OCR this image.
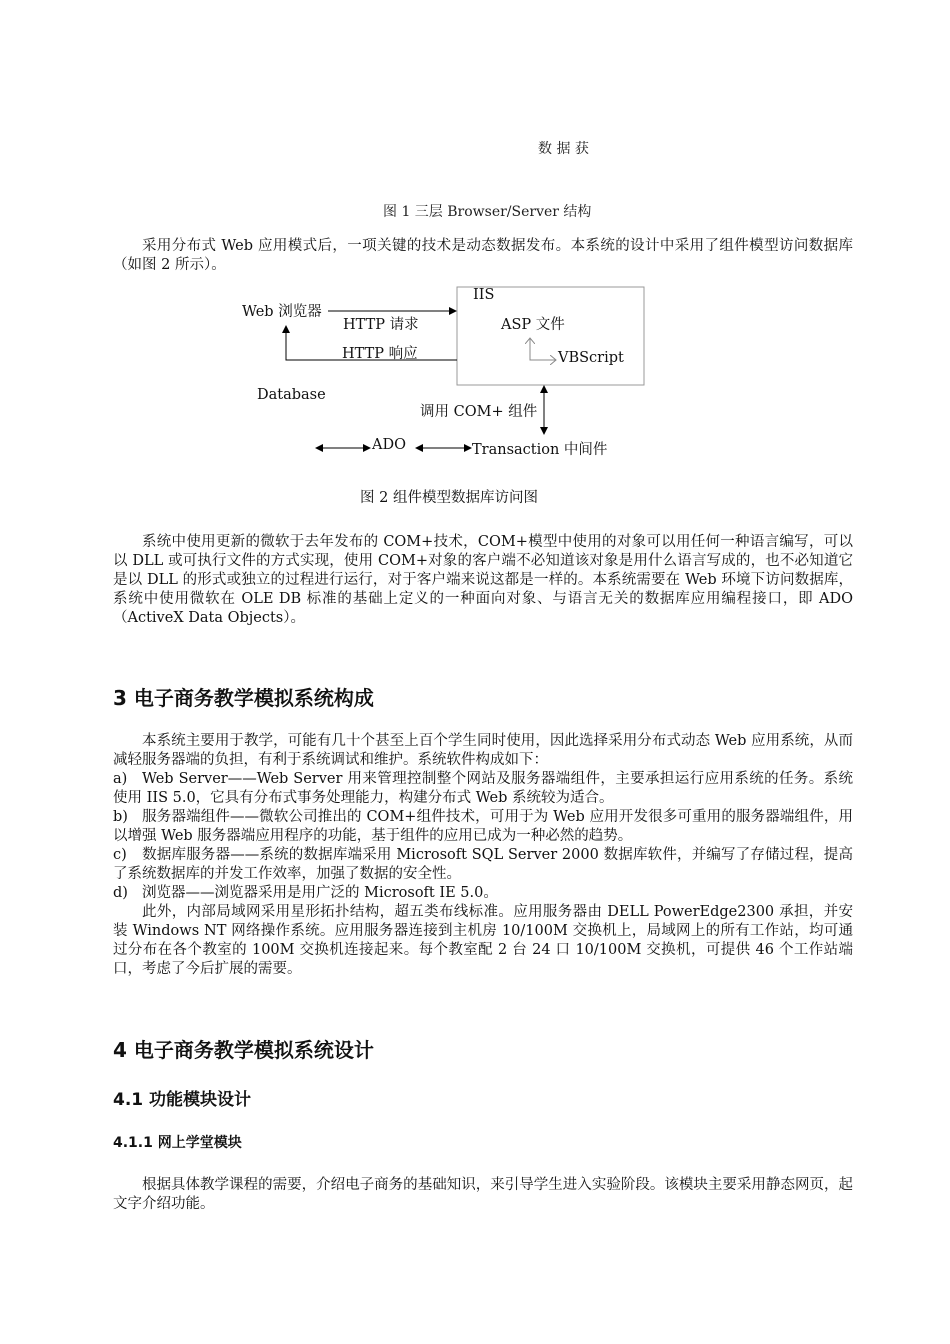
数 据 获
图 1 三层 Browser/Server 结构

采用分布式 Web 应用模式后，一项关键的技术是动态数据发布。本系统的设计中采用了组件模型访问数据库（如图 2 所示）。

Web 浏览器
HTTP 请求
HTTP 响应
IIS
ASP 文件
VBScript
Database
调用 COM+ 组件
ADO	Transaction 中间件
图 2 组件模型数据库访问图

系统中使用更新的微软于去年发布的 COM+技术，COM+模型中使用的对象可以用任何一种语言编写，可以以 DLL 或可执行文件的方式实现，使用 COM+对象的客户端不必知道该对象是用什么语言写成的，也不必知道它是以 DLL 的形式或独立的过程进行运行，对于客户端来说这都是一样的。本系统需要在 Web 环境下访问数据库，系统中使用微软在 OLE DB 标准的基础上定义的一种面向对象、与语言无关的数据库应用编程接口，即 ADO（ActiveX Data Objects）。

3 电子商务教学模拟系统构成

本系统主要用于教学，可能有几十个甚至上百个学生同时使用，因此选择采用分布式动态 Web 应用系统，从而减轻服务器端的负担，有利于系统调试和维护。系统软件构成如下：

a) Web Server——Web Server 用来管理控制整个网站及服务器端组件，主要承担运行应用系统的任务。系统使用 IIS 5.0，它具有分布式事务处理能力，构建分布式 Web 系统较为适合。

b) 服务器端组件——微软公司推出的 COM+组件技术，可用于为 Web 应用开发很多可重用的服务器端组件，用以增强 Web 服务器端应用程序的功能，基于组件的应用已成为一种必然的趋势。

c) 数据库服务器——系统的数据库端采用 Microsoft SQL Server 2000 数据库软件，并编写了存储过程，提高了系统数据库的并发工作效率，加强了数据的安全性。

d) 浏览器——浏览器采用是用广泛的 Microsoft IE 5.0。

此外，内部局域网采用星形拓扑结构，超五类布线标准。应用服务器由 DELL PowerEdge2300 承担，并安装 Windows NT 网络操作系统。应用服务器连接到主机房 10/100M 交换机上，局域网上的所有工作站，均可通过分布在各个教室的 100M 交换机连接起来。每个教室配 2 台 24 口 10/100M 交换机，可提供 46 个工作站端口，考虑了今后扩展的需要。

4 电子商务教学模拟系统设计
4.1 功能模块设计
4.1.1 网上学堂模块

根据具体教学课程的需要，介绍电子商务的基础知识，来引导学生进入实验阶段。该模块主要采用静态网页，起文字介绍功能。
